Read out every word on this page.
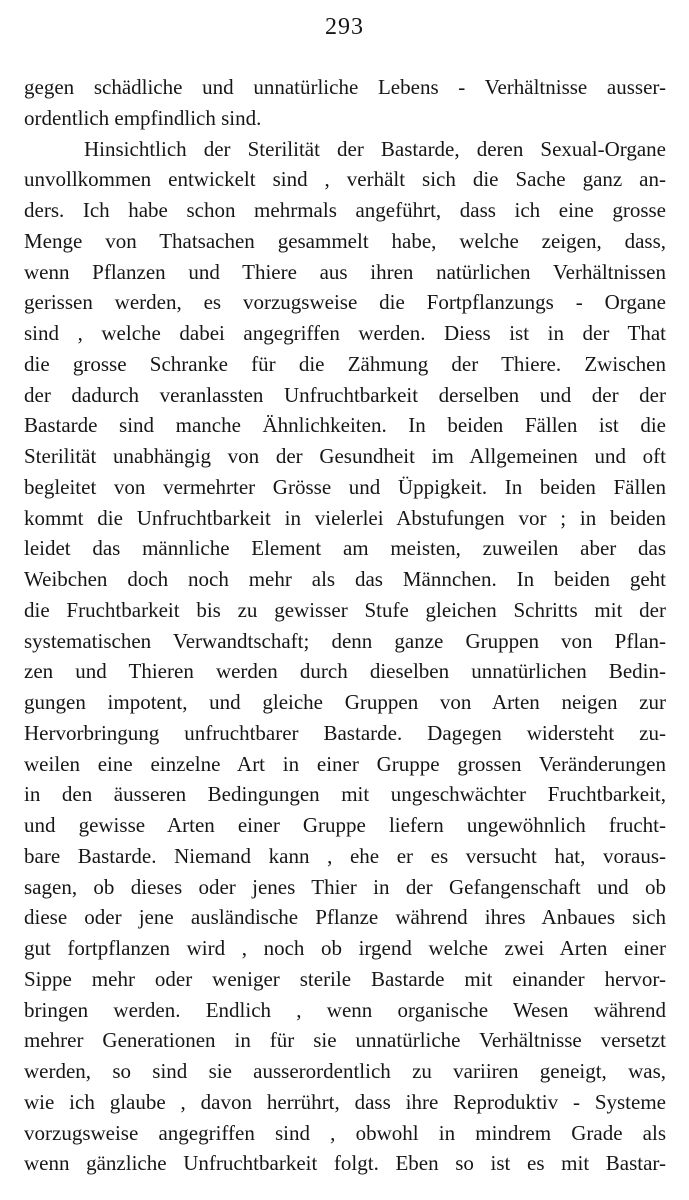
293
gegen schädliche und unnatürliche Lebens - Verhältnisse ausser-
ordentlich empfindlich sind.
Hinsichtlich der Sterilität der Bastarde, deren Sexual-Organe
unvollkommen entwickelt sind , verhält sich die Sache ganz an-
ders. Ich habe schon mehrmals angeführt, dass ich eine grosse
Menge von Thatsachen gesammelt habe, welche zeigen, dass,
wenn Pflanzen und Thiere aus ihren natürlichen Verhältnissen
gerissen werden, es vorzugsweise die Fortpflanzungs - Organe
sind , welche dabei angegriffen werden. Diess ist in der That
die grosse Schranke für die Zähmung der Thiere. Zwischen
der dadurch veranlassten Unfruchtbarkeit derselben und der der
Bastarde sind manche Ähnlichkeiten. In beiden Fällen ist die
Sterilität unabhängig von der Gesundheit im Allgemeinen und oft
begleitet von vermehrter Grösse und Üppigkeit. In beiden Fällen
kommt die Unfruchtbarkeit in vielerlei Abstufungen vor ; in beiden
leidet das männliche Element am meisten, zuweilen aber das
Weibchen doch noch mehr als das Männchen. In beiden geht
die Fruchtbarkeit bis zu gewisser Stufe gleichen Schritts mit der
systematischen Verwandtschaft; denn ganze Gruppen von Pflan-
zen und Thieren werden durch dieselben unnatürlichen Bedin-
gungen impotent, und gleiche Gruppen von Arten neigen zur
Hervorbringung unfruchtbarer Bastarde. Dagegen widersteht zu-
weilen eine einzelne Art in einer Gruppe grossen Veränderungen
in den äusseren Bedingungen mit ungeschwächter Fruchtbarkeit,
und gewisse Arten einer Gruppe liefern ungewöhnlich frucht-
bare Bastarde. Niemand kann , ehe er es versucht hat, voraus-
sagen, ob dieses oder jenes Thier in der Gefangenschaft und ob
diese oder jene ausländische Pflanze während ihres Anbaues sich
gut fortpflanzen wird , noch ob irgend welche zwei Arten einer
Sippe mehr oder weniger sterile Bastarde mit einander hervor-
bringen werden. Endlich , wenn organische Wesen während
mehrer Generationen in für sie unnatürliche Verhältnisse versetzt
werden, so sind sie ausserordentlich zu variiren geneigt, was,
wie ich glaube , davon herrührt, dass ihre Reproduktiv - Systeme
vorzugsweise angegriffen sind , obwohl in mindrem Grade als
wenn gänzliche Unfruchtbarkeit folgt. Eben so ist es mit Bastar-
